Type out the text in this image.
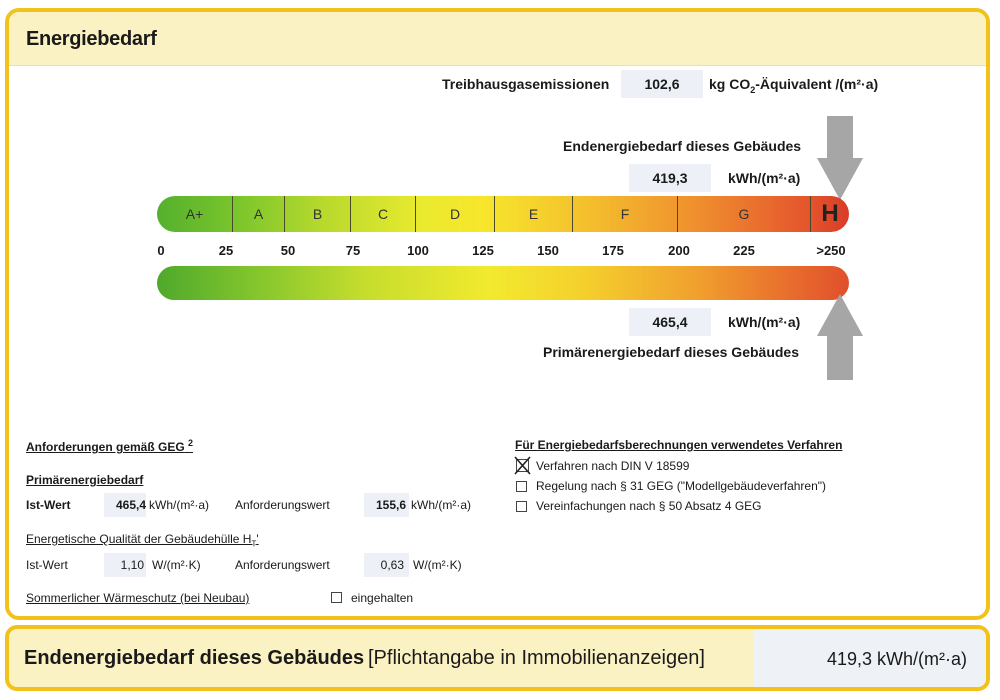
Energiebedarf
Treibhausgasemissionen	102,6	kg $CO_2$-Äquivalent /(m²·a)
Endenergiebedarf dieses Gebäudes
419,3	kWh/(m²·a)
A+	A	B	C	D	E	F	G	H
0	25	50	75	100	125	150	175	200	225	>250
465,4	kWh/(m²·a)
Primärenergiebedarf dieses Gebäudes
Anforderungen gemäß GEG $^2$
Primärenergiebedarf
Ist-Wert	465,4 kWh/(m²·a) Anforderungswert	155,6 kWh/(m²·a)
Energetische Qualität der Gebäudehülle $H_T'$
Ist-Wert	1,10 W/(m²·K)	Anforderungswert	0,63 W/(m²·K)
Sommerlicher Wärmeschutz (bei Neubau)	eingehalten
Für Energiebedarfsberechnungen verwendetes Verfahren
Verfahren nach DIN V 18599
Regelung nach § 31 GEG ("Modellgebäudeverfahren")
Vereinfachungen nach § 50 Absatz 4 GEG
Endenergiebedarf dieses Gebäudes [Pflichtangabe in Immobilienanzeigen]	419,3 kWh/(m²·a)
